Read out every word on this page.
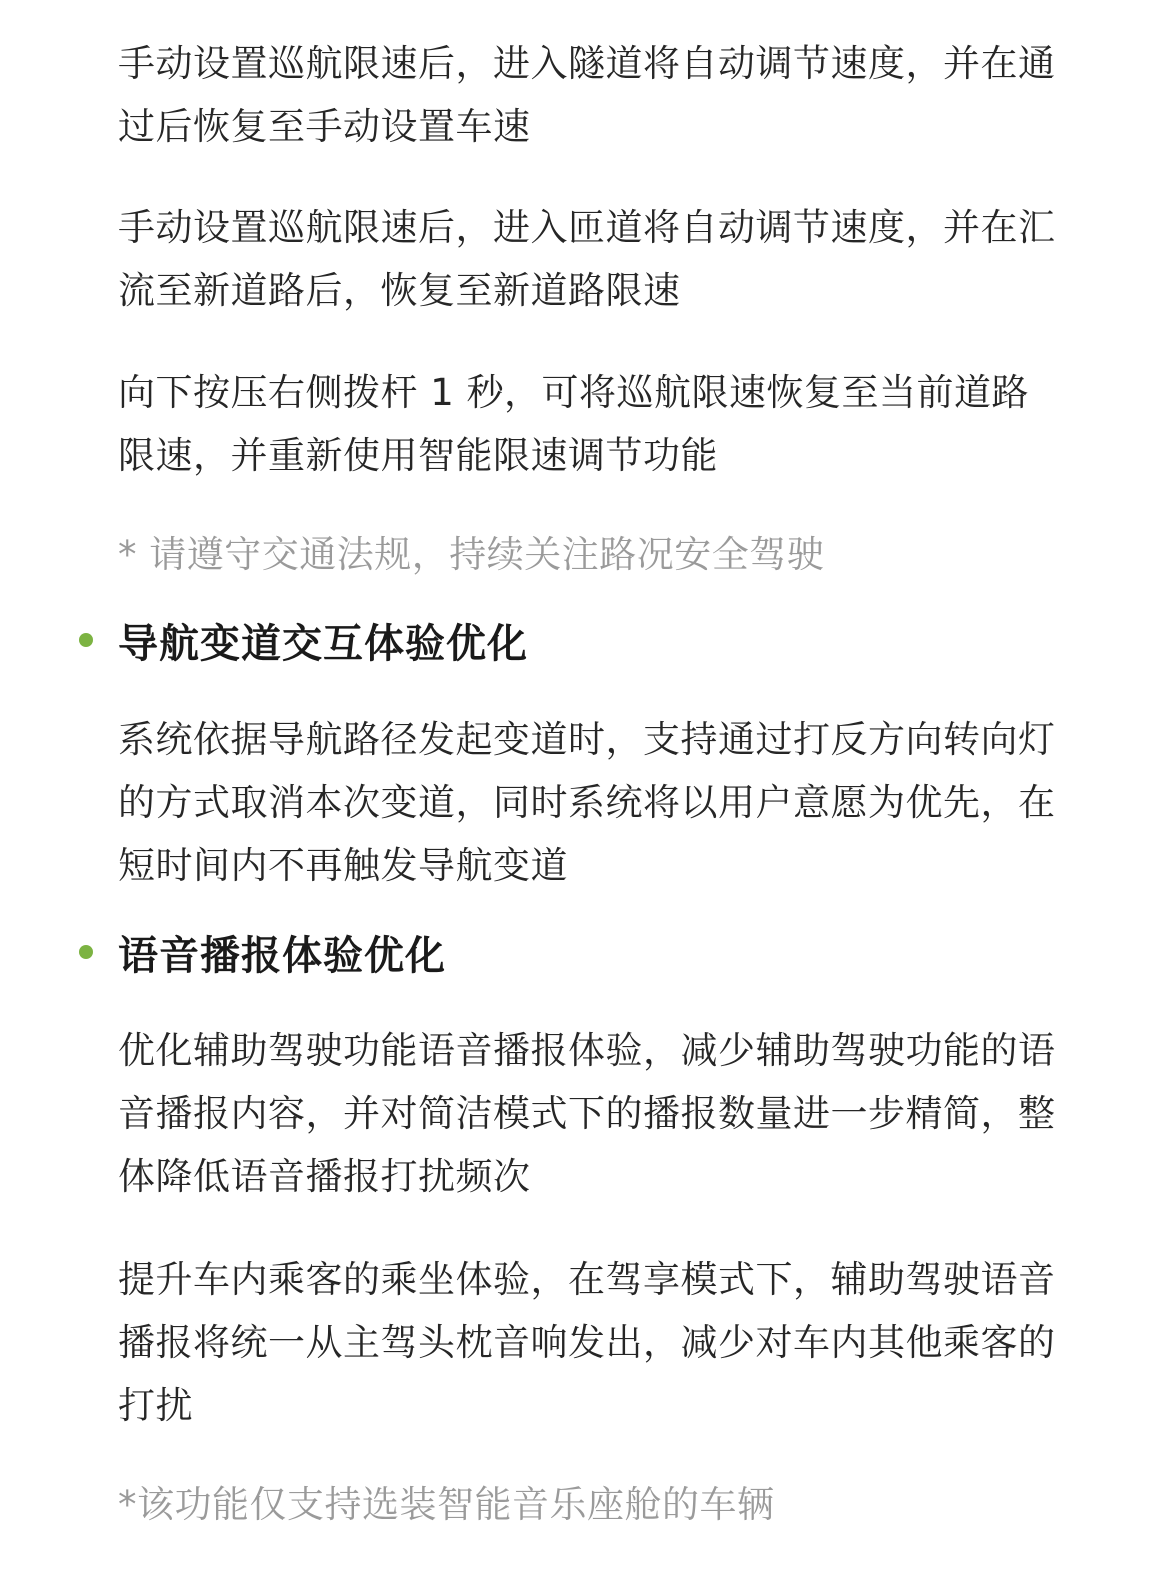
手动设置巡航限速后，进入隧道将自动调节速度，并在通过后恢复至手动设置车速

手动设置巡航限速后，进入匝道将自动调节速度，并在汇流至新道路后，恢复至新道路限速

向下按压右侧拨杆 1 秒，可将巡航限速恢复至当前道路限速，并重新使用智能限速调节功能

* 请遵守交通法规，持续关注路况安全驾驶

导航变道交互体验优化

系统依据导航路径发起变道时，支持通过打反方向转向灯的方式取消本次变道，同时系统将以用户意愿为优先，在短时间内不再触发导航变道

语音播报体验优化

优化辅助驾驶功能语音播报体验，减少辅助驾驶功能的语音播报内容，并对简洁模式下的播报数量进一步精简，整体降低语音播报打扰频次

提升车内乘客的乘坐体验，在驾享模式下，辅助驾驶语音播报将统一从主驾头枕音响发出，减少对车内其他乘客的打扰

*该功能仅支持选装智能音乐座舱的车辆
